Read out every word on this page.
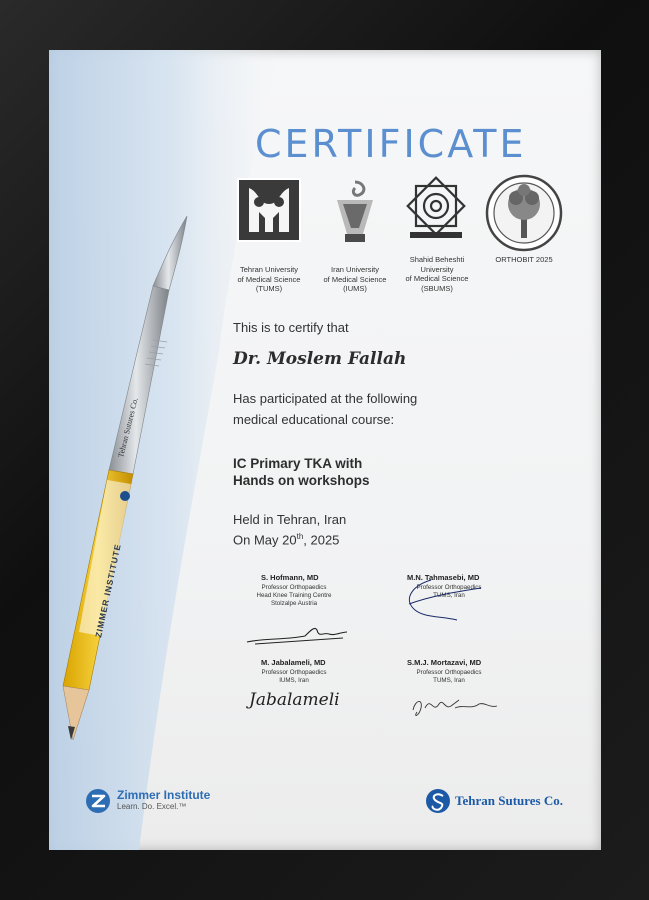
Tehran Sutures Co.
ZIMMER INSTITUTE
CERTIFICATE
Tehran University
of Medical Science
(TUMS)
Iran University
of Medical Science
(IUMS)
Shahid Beheshti
University
of Medical Science
(SBUMS)
ORTHOBIT 2025
This is to certify that
Dr. Moslem Fallah
Has participated at the following
medical educational course:
IC Primary TKA with
Hands on workshops
Held in Tehran, Iran
On May 20th, 2025
S. Hofmann, MD
Professor Orthopaedics
Head Knee Training Centre
Stolzalpe Austria
M.N. Tahmasebi, MD
Professor Orthopaedics
TUMS, Iran
M. Jabalameli, MD
Professor Orthopaedics
IUMS, Iran
Jabalameli
S.M.J. Mortazavi, MD
Professor Orthopaedics
TUMS, Iran
Zimmer Institute
Learn. Do. Excel.™	Tehran Sutures Co.
